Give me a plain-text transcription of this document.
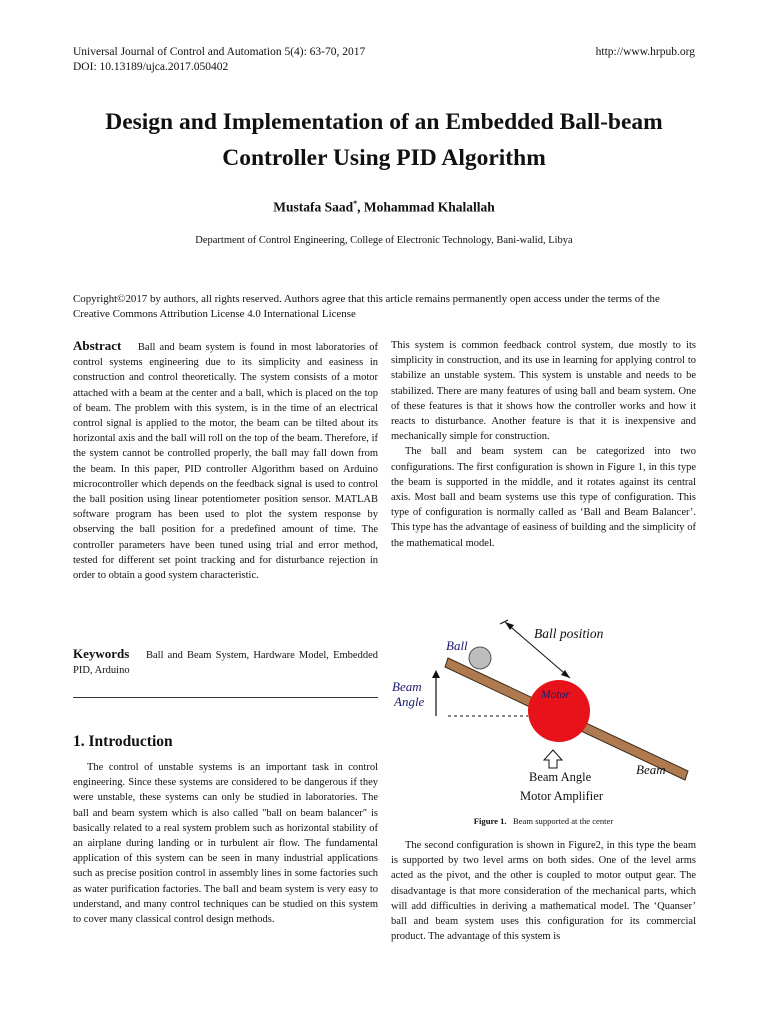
Universal Journal of Control and Automation 5(4): 63-70, 2017
DOI: 10.13189/ujca.2017.050402
http://www.hrpub.org
Design and Implementation of an Embedded Ball-beam
Controller Using PID Algorithm
Mustafa Saad*, Mohammad Khalallah
Department of Control Engineering, College of Electronic Technology, Bani-walid, Libya
Copyright©2017 by authors, all rights reserved. Authors agree that this article remains permanently open access under the terms of the Creative Commons Attribution License 4.0 International License

Abstract Ball and beam system is found in most laboratories of control systems engineering due to its simplicity and easiness in construction and control theoretically. The system consists of a motor attached with a beam at the center and a ball, which is placed on the top of beam. The problem with this system, is in the time of an electrical control signal is applied to the motor, the beam can be tilted about its horizontal axis and the ball will roll on the top of the beam. Therefore, if the system cannot be controlled properly, the ball may fall down from the beam. In this paper, PID controller Algorithm based on Arduino microcontroller which depends on the feedback signal is used to control the ball position using linear potentiometer position sensor. MATLAB software program has been used to plot the system response by observing the ball position for a predefined amount of time. The controller parameters have been tuned using trial and error method, tested for different set point tracking and for disturbance rejection in order to obtain a good system characteristic.

Keywords Ball and Beam System, Hardware Model, Embedded PID, Arduino

1. Introduction

The control of unstable systems is an important task in control engineering. Since these systems are considered to be dangerous if they were unstable, these systems can only be studied in laboratories. The ball and beam system which is also called "ball on beam balancer" is basically related to a real system problem such as horizontal stability of an airplane during landing or in turbulent air flow. The fundamental application of this system can be seen in many industrial applications such as precise position control in assembly lines in some factories such as water purification factories. The ball and beam system is very easy to understand, and many control techniques can be studied on this system to cover many classical control design methods.

This system is common feedback control system, due mostly to its simplicity in construction, and its use in learning for applying control to stabilize an unstable system. This system is unstable and needs to be stabilized. There are many features of using ball and beam system. One of these features is that it shows how the controller works and how it reacts to disturbance. Another feature is that it is inexpensive and mechanically simple for construction.

The ball and beam system can be categorized into two configurations. The first configuration is shown in Figure 1, in this type the beam is supported in the middle, and it rotates against its central axis. Most ball and beam systems use this type of configuration. This type of configuration is normally called as ‘Ball and Beam Balancer’. This type has the advantage of easiness of building and the simplicity of the mathematical model.

Motor
Ball
Ball position
Beam
Angle
Beam
Beam Angle
Motor Amplifier
Figure 1. Beam supported at the center

The second configuration is shown in Figure2, in this type the beam is supported by two level arms on both sides. One of the level arms acted as the pivot, and the other is coupled to motor output gear. The disadvantage is that more consideration of the mechanical parts, which will add difficulties in deriving a mathematical model. The ‘Quanser’ ball and beam system uses this configuration for its commercial product. The advantage of this system is
